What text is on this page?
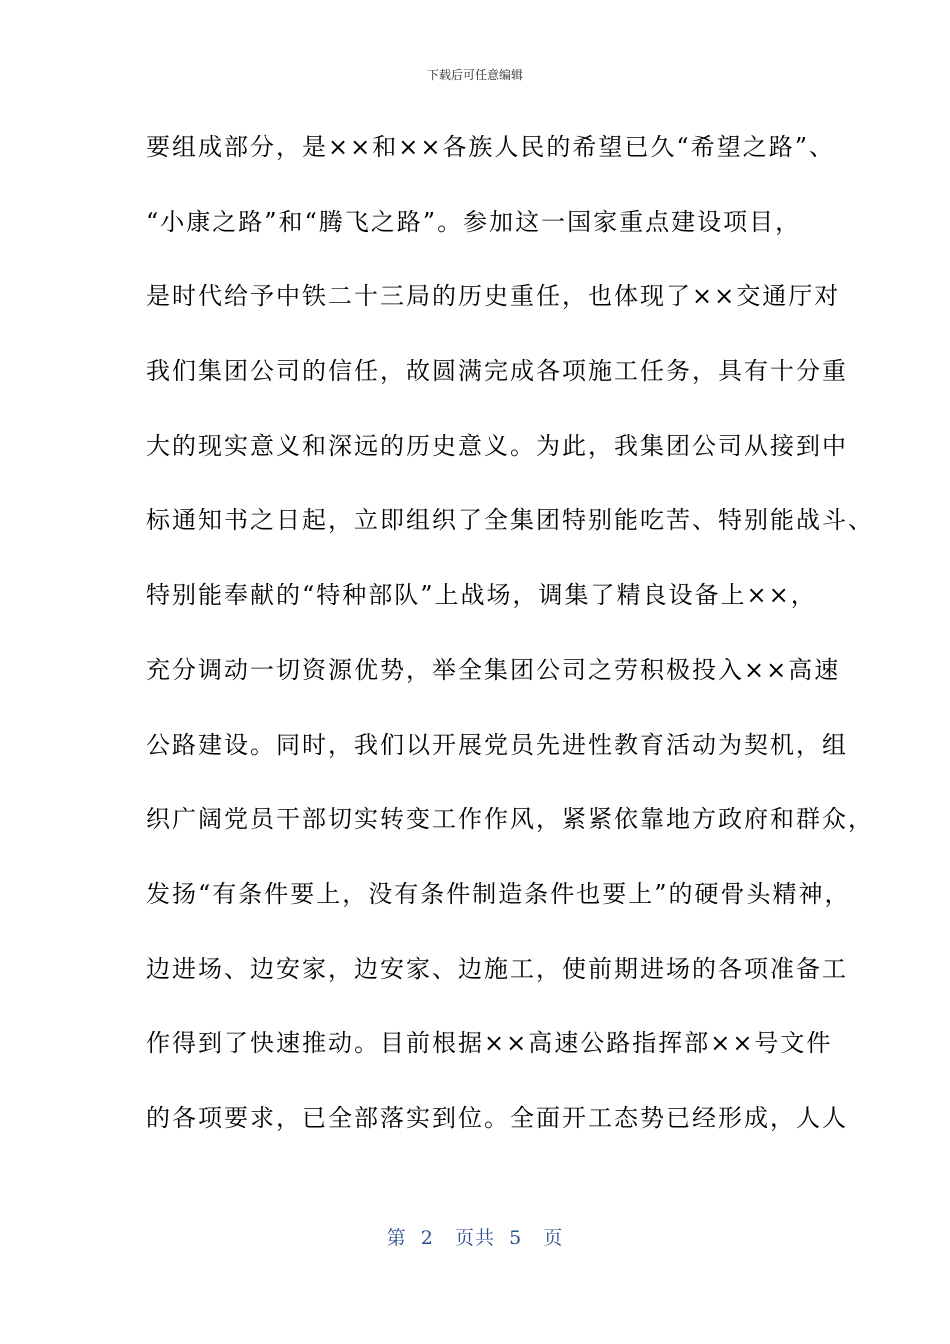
下载后可任意编辑
要组成部分，是××和××各族人民的希望已久“希望之路”、
“小康之路”和“腾飞之路”。参加这一国家重点建设项目，
是时代给予中铁二十三局的历史重任，也体现了××交通厅对
我们集团公司的信任，故圆满完成各项施工任务，具有十分重
大的现实意义和深远的历史意义。为此，我集团公司从接到中
标通知书之日起，立即组织了全集团特别能吃苦、特别能战斗、
特别能奉献的“特种部队”上战场，调集了精良设备上××，
充分调动一切资源优势，举全集团公司之劳积极投入××高速
公路建设。同时，我们以开展党员先进性教育活动为契机，组
织广阔党员干部切实转变工作作风，紧紧依靠地方政府和群众，
发扬“有条件要上，没有条件制造条件也要上”的硬骨头精神，
边进场、边安家，边安家、边施工，使前期进场的各项准备工
作得到了快速推动。目前根据××高速公路指挥部××号文件
的各项要求，已全部落实到位。全面开工态势已经形成，人人
第 2 页共 5 页
